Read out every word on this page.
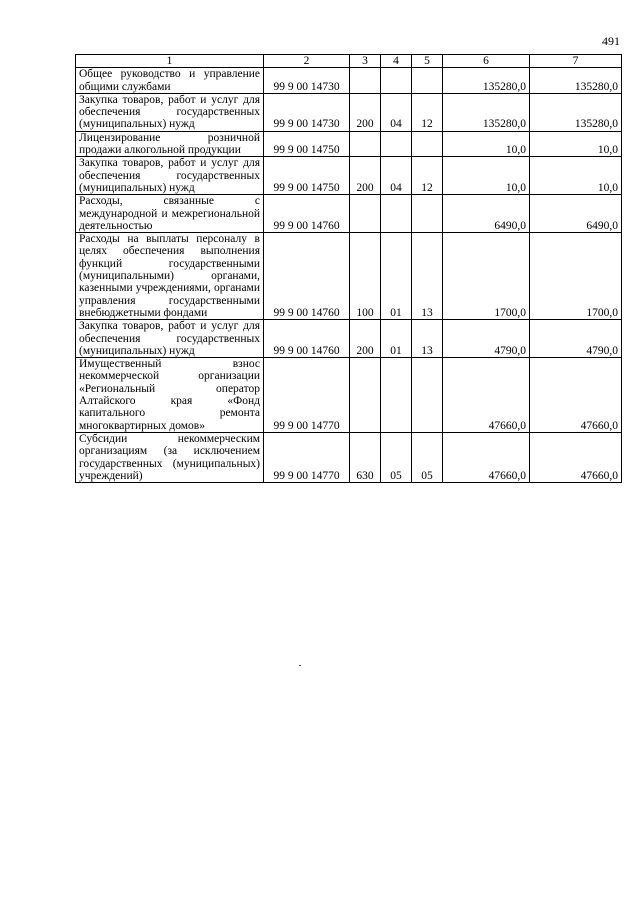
491
1	2	3	4	5	6	7
Общее руководство и управление общими службами	99 9 00 14730				135280,0	135280,0
Закупка товаров, работ и услуг для обеспечения государственных (муниципальных) нужд	99 9 00 14730	200	04	12	135280,0	135280,0
Лицензирование розничной продажи алкогольной продукции	99 9 00 14750				10,0	10,0
Закупка товаров, работ и услуг для обеспечения государственных (муниципальных) нужд	99 9 00 14750	200	04	12	10,0	10,0
Расходы, связанные с международной и межрегиональной деятельностью	99 9 00 14760				6490,0	6490,0
Расходы на выплаты персоналу в целях обеспечения выполнения функций государственными (муниципальными) органами, казенными учреждениями, органами управления государственными внебюджетными фондами	99 9 00 14760	100	01	13	1700,0	1700,0
Закупка товаров, работ и услуг для обеспечения государственных (муниципальных) нужд	99 9 00 14760	200	01	13	4790,0	4790,0
Имущественный взнос некоммерческой организации «Региональный оператор Алтайского края «Фонд капитального ремонта многоквартирных домов»	99 9 00 14770				47660,0	47660,0
Субсидии некоммерческим организациям (за исключением государственных (муниципальных) учреждений)	99 9 00 14770	630	05	05	47660,0	47660,0
